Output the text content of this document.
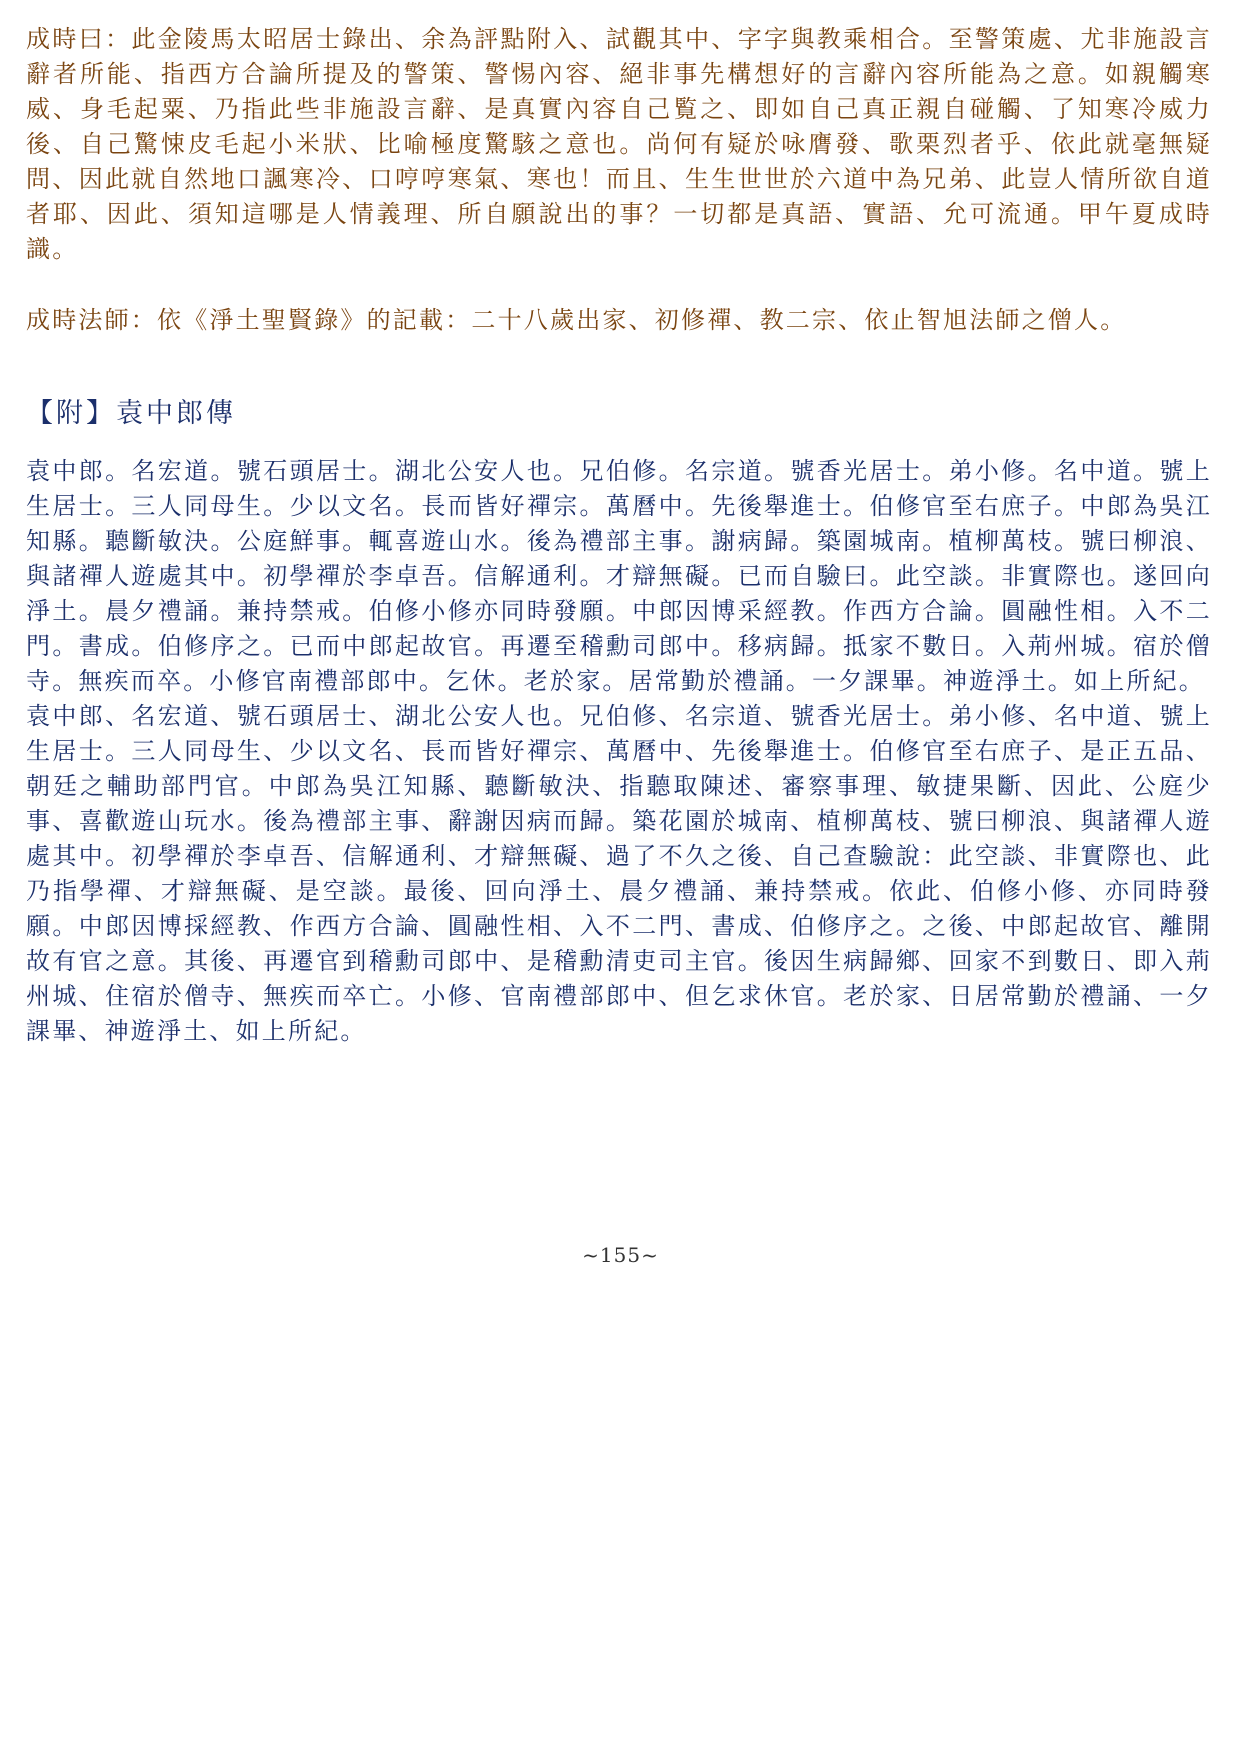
成時曰：此金陵馬太昭居士錄出、余為評點附入、試觀其中、字字與教乘相合。至警策處、尤非施設言辭者所能、指西方合論所提及的警策、警惕內容、絕非事先構想好的言辭內容所能為之意。如親觸寒威、身毛起粟、乃指此些非施設言辭、是真實內容自己覧之、即如自己真正親自碰觸、了知寒冷威力後、自己驚悚皮毛起小米狀、比喻極度驚駭之意也。尚何有疑於咏膺發、歌栗烈者乎、依此就毫無疑問、因此就自然地口諷寒冷、口哼哼寒氣、寒也！而且、生生世世於六道中為兄弟、此豈人情所欲自道者耶、因此、須知這哪是人情義理、所自願說出的事？一切都是真語、實語、允可流通。甲午夏成時識。

成時法師：依《淨土聖賢錄》的記載：二十八歲出家、初修禪、教二宗、依止智旭法師之僧人。

【附】袁中郎傳

袁中郎。名宏道。號石頭居士。湖北公安人也。兄伯修。名宗道。號香光居士。弟小修。名中道。號上生居士。三人同母生。少以文名。長而皆好禪宗。萬曆中。先後舉進士。伯修官至右庶子。中郎為吳江知縣。聽斷敏決。公庭鮮事。輒喜遊山水。後為禮部主事。謝病歸。築園城南。植柳萬枝。號曰柳浪、與諸禪人遊處其中。初學禪於李卓吾。信解通利。才辯無礙。已而自驗曰。此空談。非實際也。遂回向淨土。晨夕禮誦。兼持禁戒。伯修小修亦同時發願。中郎因博采經教。作西方合論。圓融性相。入不二門。書成。伯修序之。已而中郎起故官。再遷至稽勳司郎中。移病歸。抵家不數日。入荊州城。宿於僧寺。無疾而卒。小修官南禮部郎中。乞休。老於家。居常勤於禮誦。一夕課畢。神遊淨土。如上所紀。

袁中郎、名宏道、號石頭居士、湖北公安人也。兄伯修、名宗道、號香光居士。弟小修、名中道、號上生居士。三人同母生、少以文名、長而皆好禪宗、萬曆中、先後舉進士。伯修官至右庶子、是正五品、朝廷之輔助部門官。中郎為吳江知縣、聽斷敏決、指聽取陳述、審察事理、敏捷果斷、因此、公庭少事、喜歡遊山玩水。後為禮部主事、辭謝因病而歸。築花園於城南、植柳萬枝、號曰柳浪、與諸禪人遊處其中。初學禪於李卓吾、信解通利、才辯無礙、過了不久之後、自己查驗說：此空談、非實際也、此乃指學禪、才辯無礙、是空談。最後、回向淨土、晨夕禮誦、兼持禁戒。依此、伯修小修、亦同時發願。中郎因博採經教、作西方合論、圓融性相、入不二門、書成、伯修序之。之後、中郎起故官、離開故有官之意。其後、再遷官到稽勳司郎中、是稽勳清吏司主官。後因生病歸鄉、回家不到數日、即入荊州城、住宿於僧寺、無疾而卒亡。小修、官南禮部郎中、但乞求休官。老於家、日居常勤於禮誦、一夕課畢、神遊淨土、如上所紀。

~155~
